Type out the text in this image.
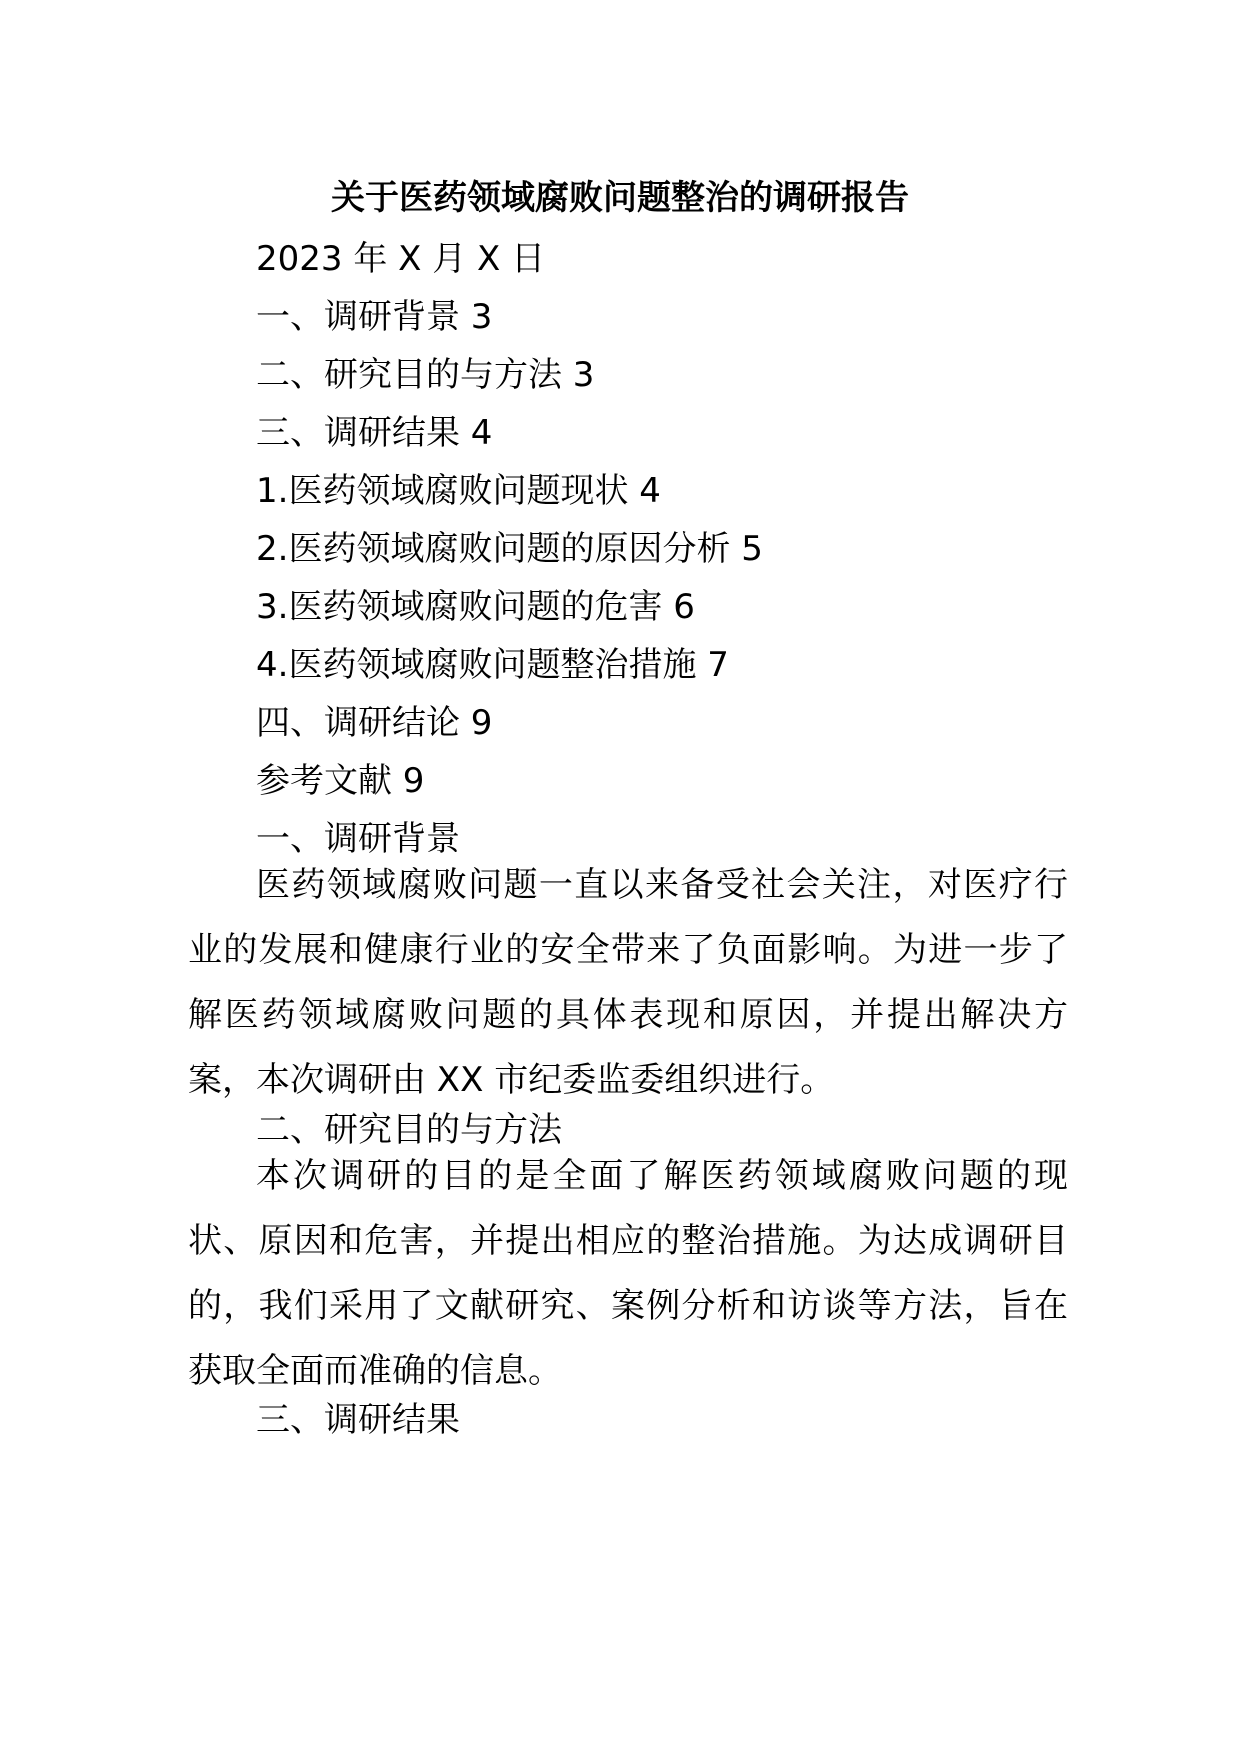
关于医药领域腐败问题整治的调研报告
2023 年 X 月 X 日
一、调研背景 3
二、研究目的与方法 3
三、调研结果 4
1.医药领域腐败问题现状 4
2.医药领域腐败问题的原因分析 5
3.医药领域腐败问题的危害 6
4.医药领域腐败问题整治措施 7
四、调研结论 9
参考文献 9
一、调研背景

医药领域腐败问题一直以来备受社会关注，对医疗行业的发展和健康行业的安全带来了负面影响。为进一步了解医药领域腐败问题的具体表现和原因，并提出解决方案，本次调研由 XX 市纪委监委组织进行。

二、研究目的与方法

本次调研的目的是全面了解医药领域腐败问题的现状、原因和危害，并提出相应的整治措施。为达成调研目的，我们采用了文献研究、案例分析和访谈等方法，旨在获取全面而准确的信息。

三、调研结果
